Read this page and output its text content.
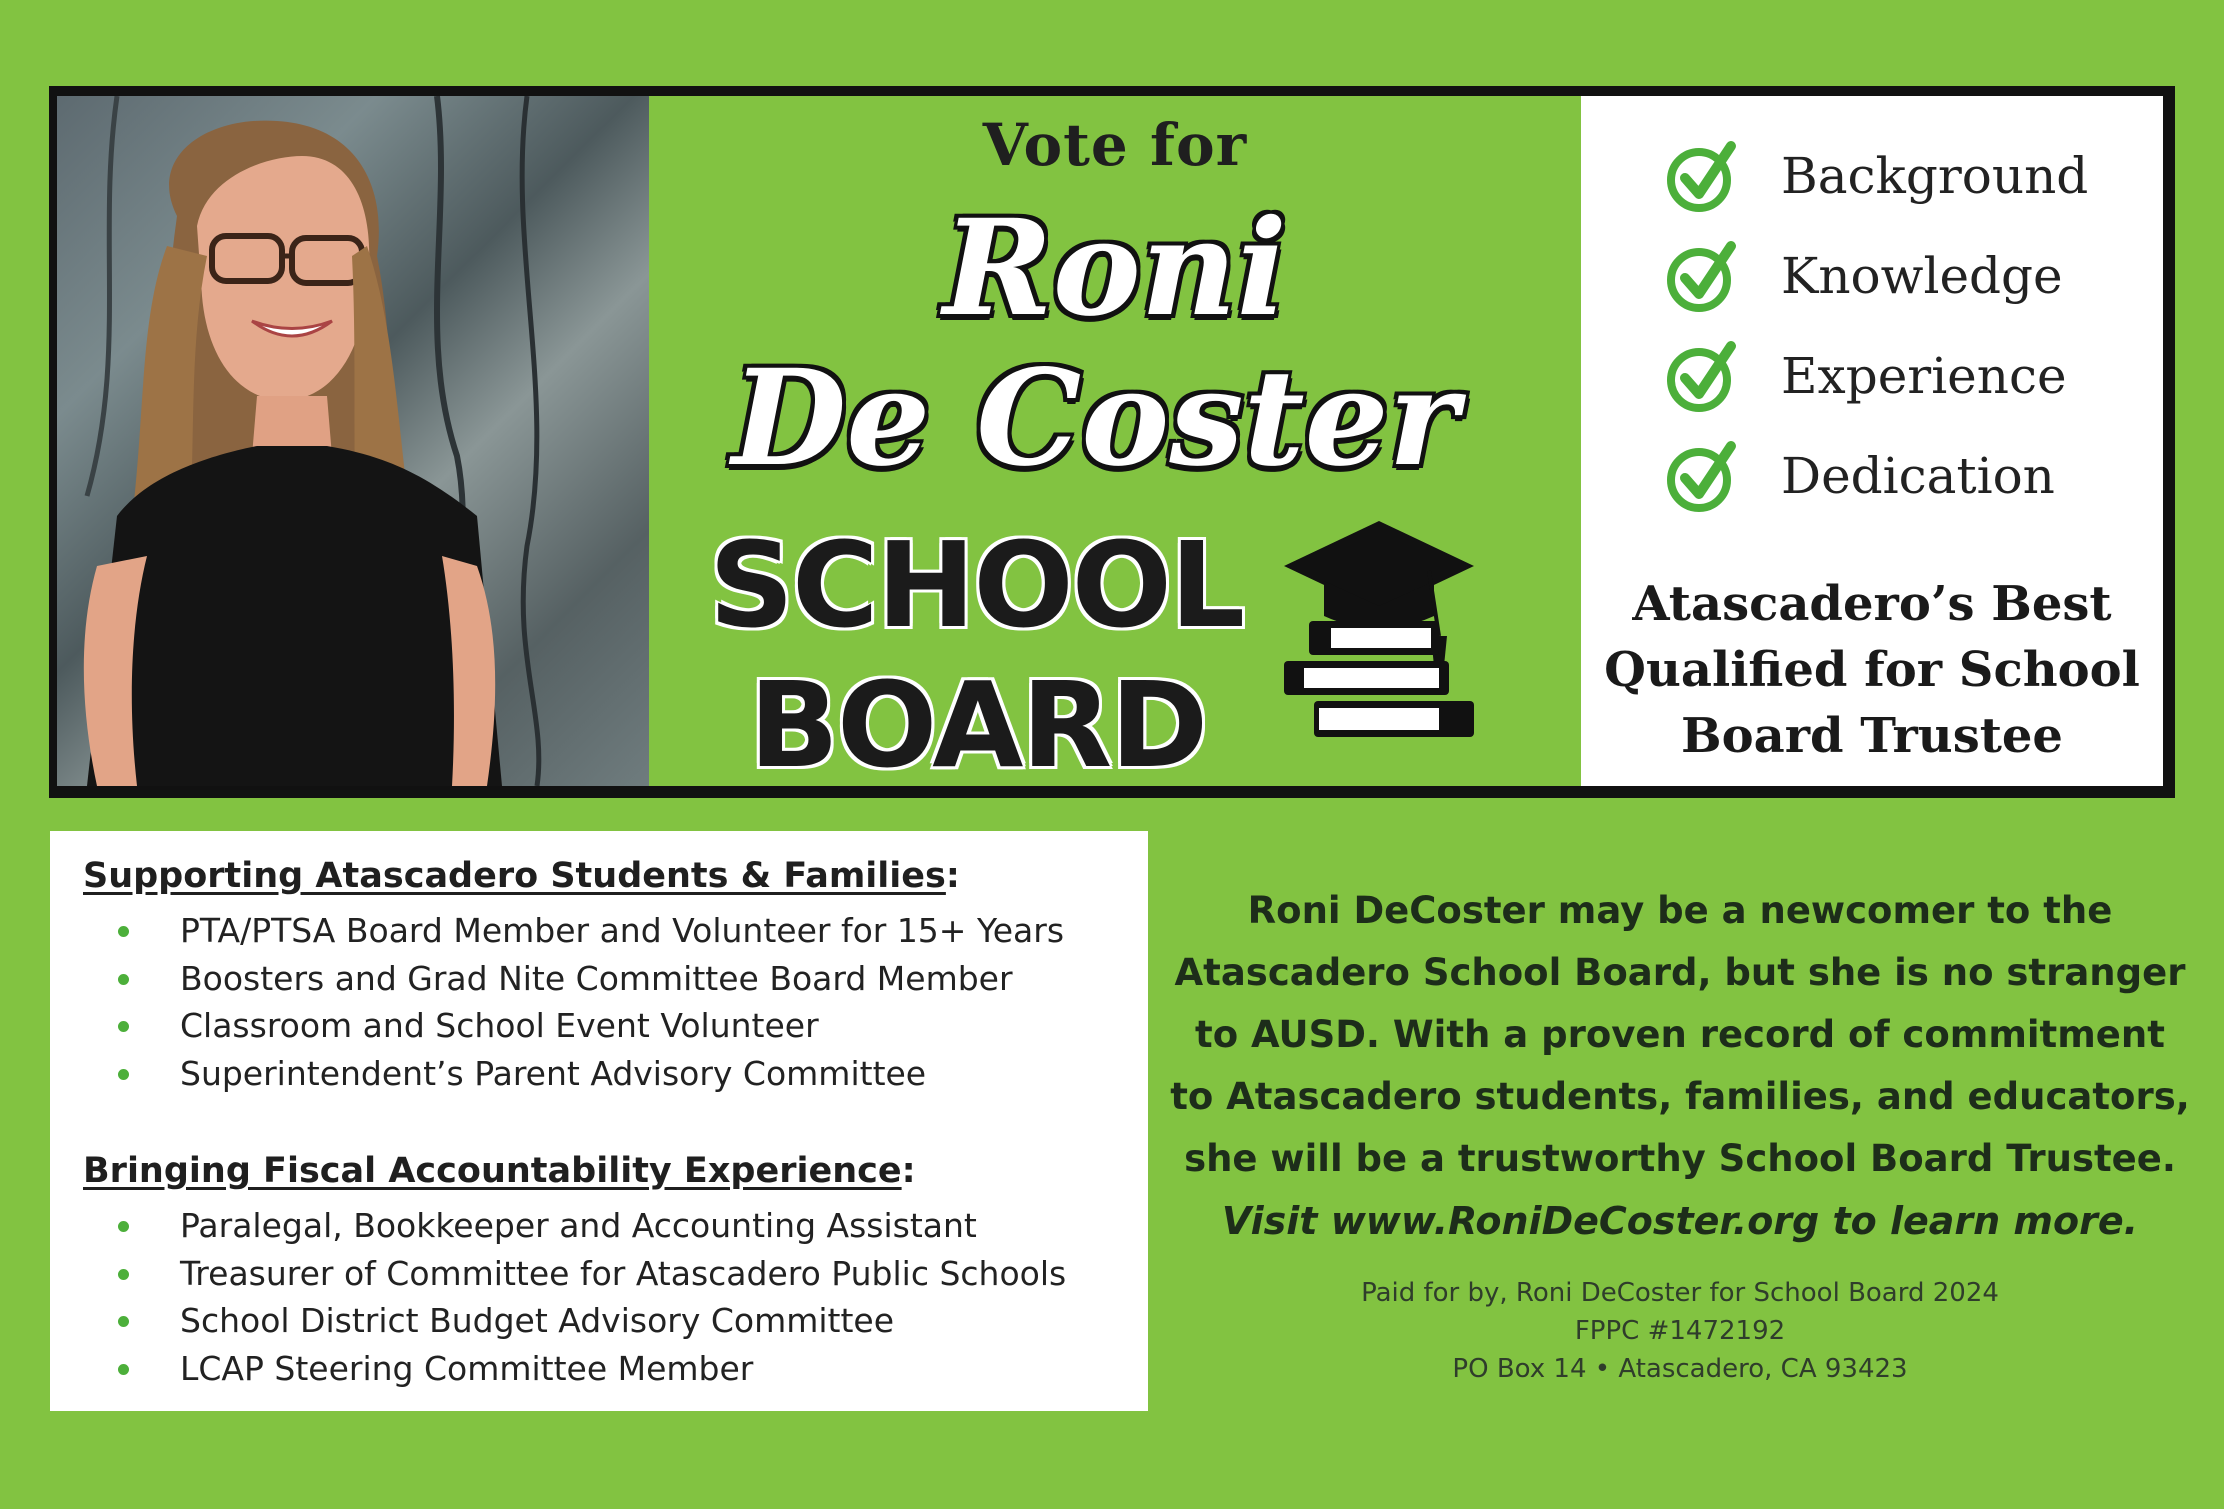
Vote for
Roni
De Coster
SCHOOL
BOARD
Background
Knowledge
Experience
Dedication
Atascadero’s Best
Qualified for School
Board Trustee
Supporting Atascadero Students & Families:
PTA/PTSA Board Member and Volunteer for 15+ Years
Boosters and Grad Nite Committee Board Member
Classroom and School Event Volunteer
Superintendent’s Parent Advisory Committee
Bringing Fiscal Accountability Experience:
Paralegal, Bookkeeper and Accounting Assistant
Treasurer of Committee for Atascadero Public Schools
School District Budget Advisory Committee
LCAP Steering Committee Member
Roni DeCoster may be a newcomer to the
Atascadero School Board, but she is no stranger
to AUSD. With a proven record of commitment
to Atascadero students, families, and educators,
she will be a trustworthy School Board Trustee.
Visit www.RoniDeCoster.org to learn more.
Paid for by, Roni DeCoster for School Board 2024
FPPC #1472192
PO Box 14 • Atascadero, CA 93423
